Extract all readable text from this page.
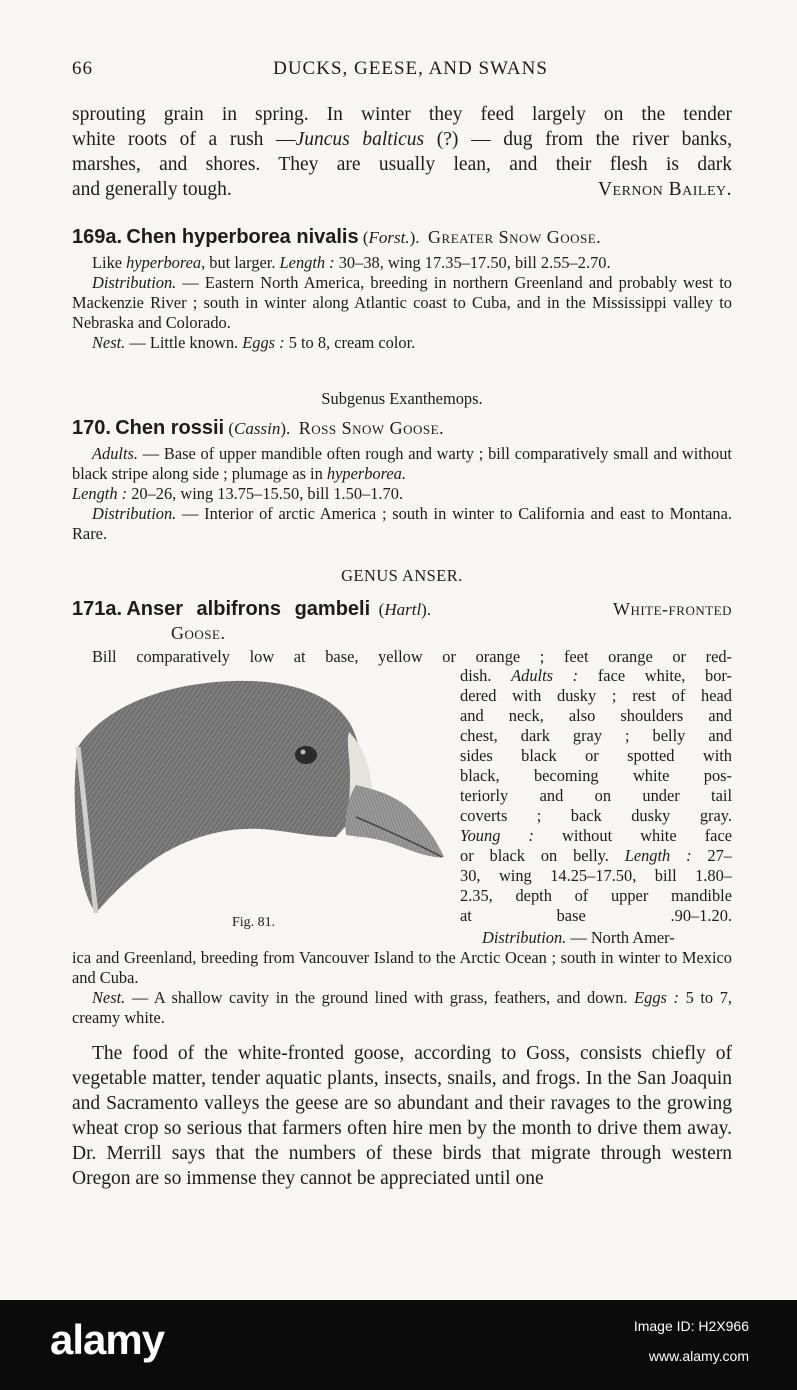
66	DUCKS, GEESE, AND SWANS
sprouting grain in spring. In winter they feed largely on the tender
white roots of a rush —Juncus balticus (?) — dug from the river banks,
marshes, and shores. They are usually lean, and their flesh is dark
and generally tough.	Vernon Bailey.
169a. Chen hyperborea nivalis (Forst.).  Greater Snow Goose.
Like hyperborea, but larger. Length : 30–38, wing 17.35–17.50, bill 2.55–2.70.
Distribution. — Eastern North America, breeding in northern Greenland and probably west to Mackenzie River ; south in winter along Atlantic coast to Cuba, and in the Mississippi valley to Nebraska and Colorado.
Nest. — Little known. Eggs : 5 to 8, cream color.
Subgenus Exanthemops.
170. Chen rossii (Cassin).  Ross Snow Goose.
Adults. — Base of upper mandible often rough and warty ; bill comparatively small and without black stripe along side ; plumage as in hyperborea.
Length : 20–26, wing 13.75–15.50, bill 1.50–1.70.
Distribution. — Interior of arctic America ; south in winter to California and east to Montana. Rare.
GENUS ANSER.
171a. Anser albifrons gambeli  (Hartl).	White-fronted
Goose.
Bill comparatively low at base, yellow or orange ; feet orange or red-
Fig. 81.
dish. Adults : face white, bor-
dered with dusky ; rest of head
and neck, also shoulders and
chest, dark gray ; belly and
sides black or spotted with
black, becoming white pos-
teriorly and on under tail
coverts ; back dusky gray.
Young : without white face
or black on belly. Length : 27–
30, wing 14.25–17.50, bill 1.80–
2.35, depth of upper mandible
at base .90–1.20.
Distribution. — North Amer-
ica and Greenland, breeding from Vancouver Island to the Arctic Ocean ; south in winter to Mexico and Cuba.
Nest. — A shallow cavity in the ground lined with grass, feathers, and down. Eggs : 5 to 7, creamy white.
The food of the white-fronted goose, according to Goss, consists chiefly of vegetable matter, tender aquatic plants, insects, snails, and frogs. In the San Joaquin and Sacramento valleys the geese are so abundant and their ravages to the growing wheat crop so serious that farmers often hire men by the month to drive them away. Dr. Merrill says that the numbers of these birds that migrate through western Oregon are so immense they cannot be appreciated until one
alamy	Image ID: H2X966
www.alamy.com
